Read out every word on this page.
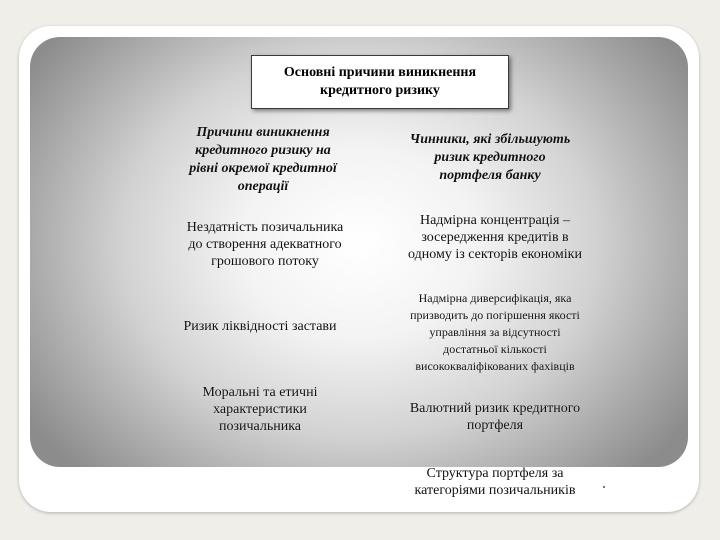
Основні причини виникнення
кредитного ризику
Причини виникнення
кредитного ризику на
рівні окремої кредитної
операції
Чинники, які збільшують
ризик кредитного
портфеля банку
Нездатність позичальника
до створення адекватного
грошового потоку
Ризик ліквідності застави
Моральні та етичні
характеристики
позичальника
Надмірна концентрація –
зосередження кредитів в
одному із секторів економіки
Надмірна диверсифікація, яка
призводить до погіршення якості
управління за відсутності
достатньої кількості
висококваліфікованих фахівців
Валютний ризик кредитного
портфеля
Структура портфеля за
категоріями позичальників
